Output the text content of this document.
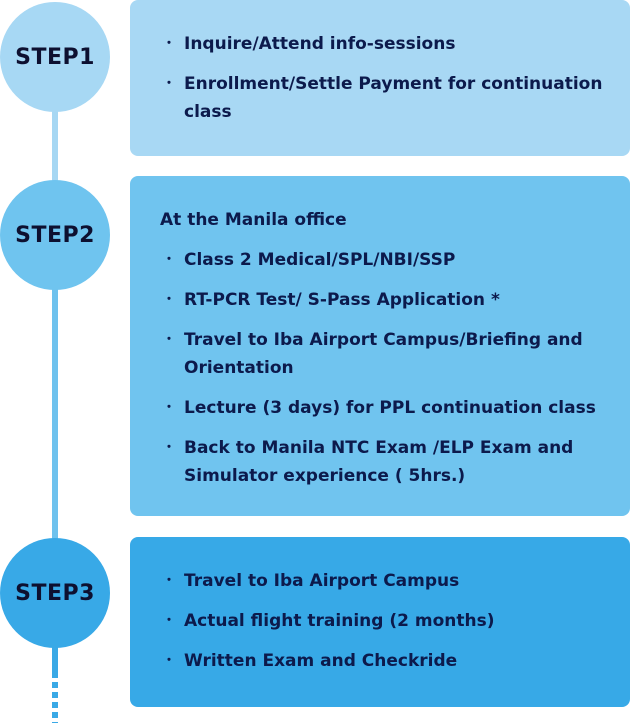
STEP1
・ Inquire/Attend info-sessions
・ Enrollment/Settle Payment for continuation class
STEP2
At the Manila office
・ Class 2 Medical/SPL/NBI/SSP
・ RT-PCR Test/ S-Pass Application *
・ Travel to Iba Airport Campus/Briefing and Orientation
・ Lecture (3 days) for PPL continuation class
・ Back to Manila NTC Exam /ELP Exam and Simulator experience ( 5hrs.)
STEP3	・ Travel to Iba Airport Campus
・ Actual flight training (2 months)
・ Written Exam and Checkride
